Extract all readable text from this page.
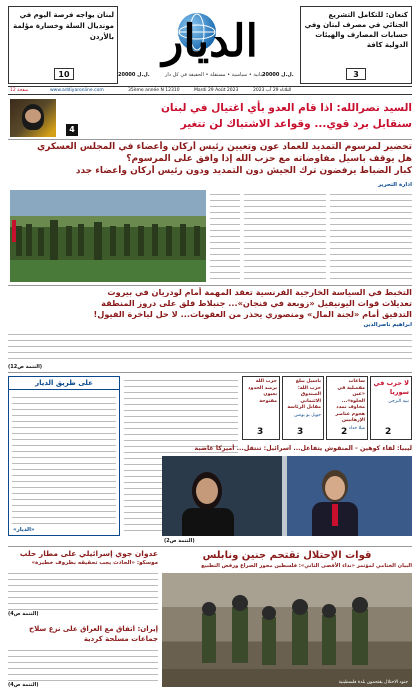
كنعان: للتكامل التشريع الجنائي في مصرف لبنان وفي حسابات المصارف والهيئات الدولية كافة
3
لبنان يواجه فرصة اليوم في مونديال السلة وخسارة مؤلمة بالأردن
10
الديار
لبنانية • سياسية • مستقلة • الحقيقة في كل دار
20000 ل.ل.	20000 ل.ل.
12 صفحة	www.addiyaronline.com	35ème année N 12310	Mardi 29 Août 2023	الثلاثاء 29 آب 2023
4
السيد نصرالله: اذا قام العدو بأي اغتيال في لبنان
سنقابل برد قوي... وقواعد الاشتباك لن تتغير
تحضير لمرسوم التمديد للعماد عون وتعيين رئيس أركان وأعضاء في المجلس العسكري
هل يوقف باسيل مفاوضاته مع حزب الله إذا وافق على المرسوم؟
كبار الضباط يرفضون ترك الجيش دون التمديد ودون رئيس أركان وأعضاء جدد
ادارة التحرير
التخبط في السياسة الخارجية الفرنسية تعقد المهمة أمام لودريان في بيروت
تعديلات قوات اليونيفيل «زوبعة في فنجان»... جنبلاط قلق على دروز المنطقة
التدقيق أمام «لجنة المال» ومنصوري يحذر من العقوبات... لا حل لباخرة الفيول!
ابراهيم ناصرالدين
(التتمة ص12)
على طريق الديار
«الديار»
لا حرب في سوريا
نبيه البرجي
2
ساعات مفصلية في «عين الحلوة»... مخاوف تمدد هجوم عناصر الإرهابيين
ميلا حداد
2
باسيل يبلغ حزب الله: الصندوق الائتماني مقابل الرئاسة
جويل بو يونس
3
حزب الله يرصد الحدود بعيون مفتوحة
3
ليبيا: لقاء كوهين - المنقوش يتفاعل... اسرائيل: تنتقل... أميركا غاضبة
(التتمة ص2)
عدوان جوي إسرائيلي على مطار حلب
موسكو: «الحادث يجب تحقيقه بظروف خطيرة»
(التتمة ص4)
إيران: اتفاق مع العراق على نزع سلاح جماعات مسلحة كردية
(التتمة ص4)
قوات الإحتلال تقتحم جنين ونابلس
البيان الختامي لمؤتمر «نداء الأقصى الثاني»: فلسطين محور الصراع ورفض التطبيع
جنود الاحتلال يقتحمون بلدة فلسطينية
